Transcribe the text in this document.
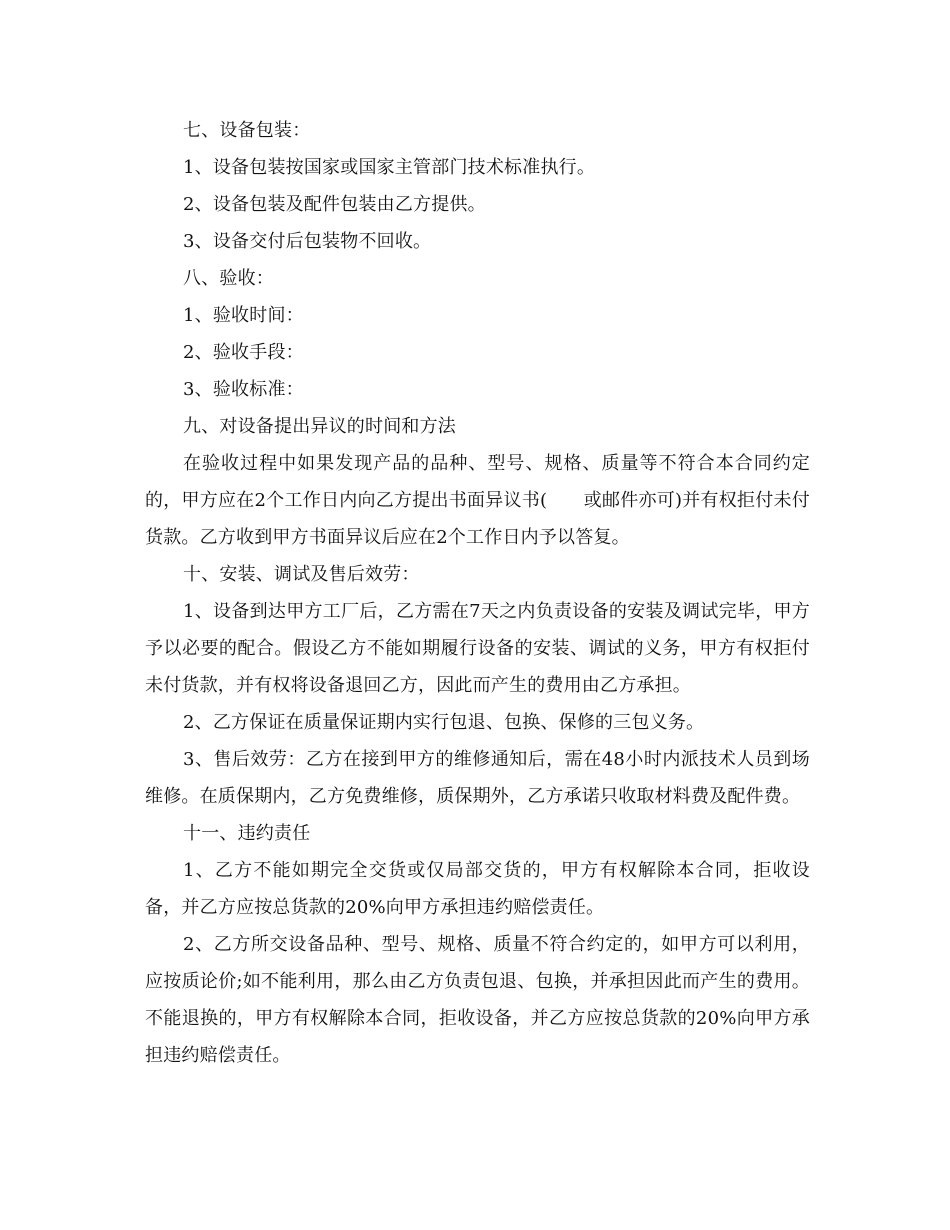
七、设备包装：

1、设备包装按国家或国家主管部门技术标准执行。

2、设备包装及配件包装由乙方提供。

3、设备交付后包装物不回收。

八、验收：

1、验收时间：

2、验收手段：

3、验收标准：

九、对设备提出异议的时间和方法

在验收过程中如果发现产品的品种、型号、规格、质量等不符合本合同约定的，甲方应在2个工作日内向乙方提出书面异议书(　　或邮件亦可)并有权拒付未付货款。乙方收到甲方书面异议后应在2个工作日内予以答复。

十、安装、调试及售后效劳：

1、设备到达甲方工厂后，乙方需在7天之内负责设备的安装及调试完毕，甲方予以必要的配合。假设乙方不能如期履行设备的安装、调试的义务，甲方有权拒付未付货款，并有权将设备退回乙方，因此而产生的费用由乙方承担。

2、乙方保证在质量保证期内实行包退、包换、保修的三包义务。

3、售后效劳：乙方在接到甲方的维修通知后，需在48小时内派技术人员到场维修。在质保期内，乙方免费维修，质保期外，乙方承诺只收取材料费及配件费。

十一、违约责任

1、乙方不能如期完全交货或仅局部交货的，甲方有权解除本合同，拒收设备，并乙方应按总货款的20%向甲方承担违约赔偿责任。

2、乙方所交设备品种、型号、规格、质量不符合约定的，如甲方可以利用，应按质论价;如不能利用，那么由乙方负责包退、包换，并承担因此而产生的费用。不能退换的，甲方有权解除本合同，拒收设备，并乙方应按总货款的20%向甲方承担违约赔偿责任。
